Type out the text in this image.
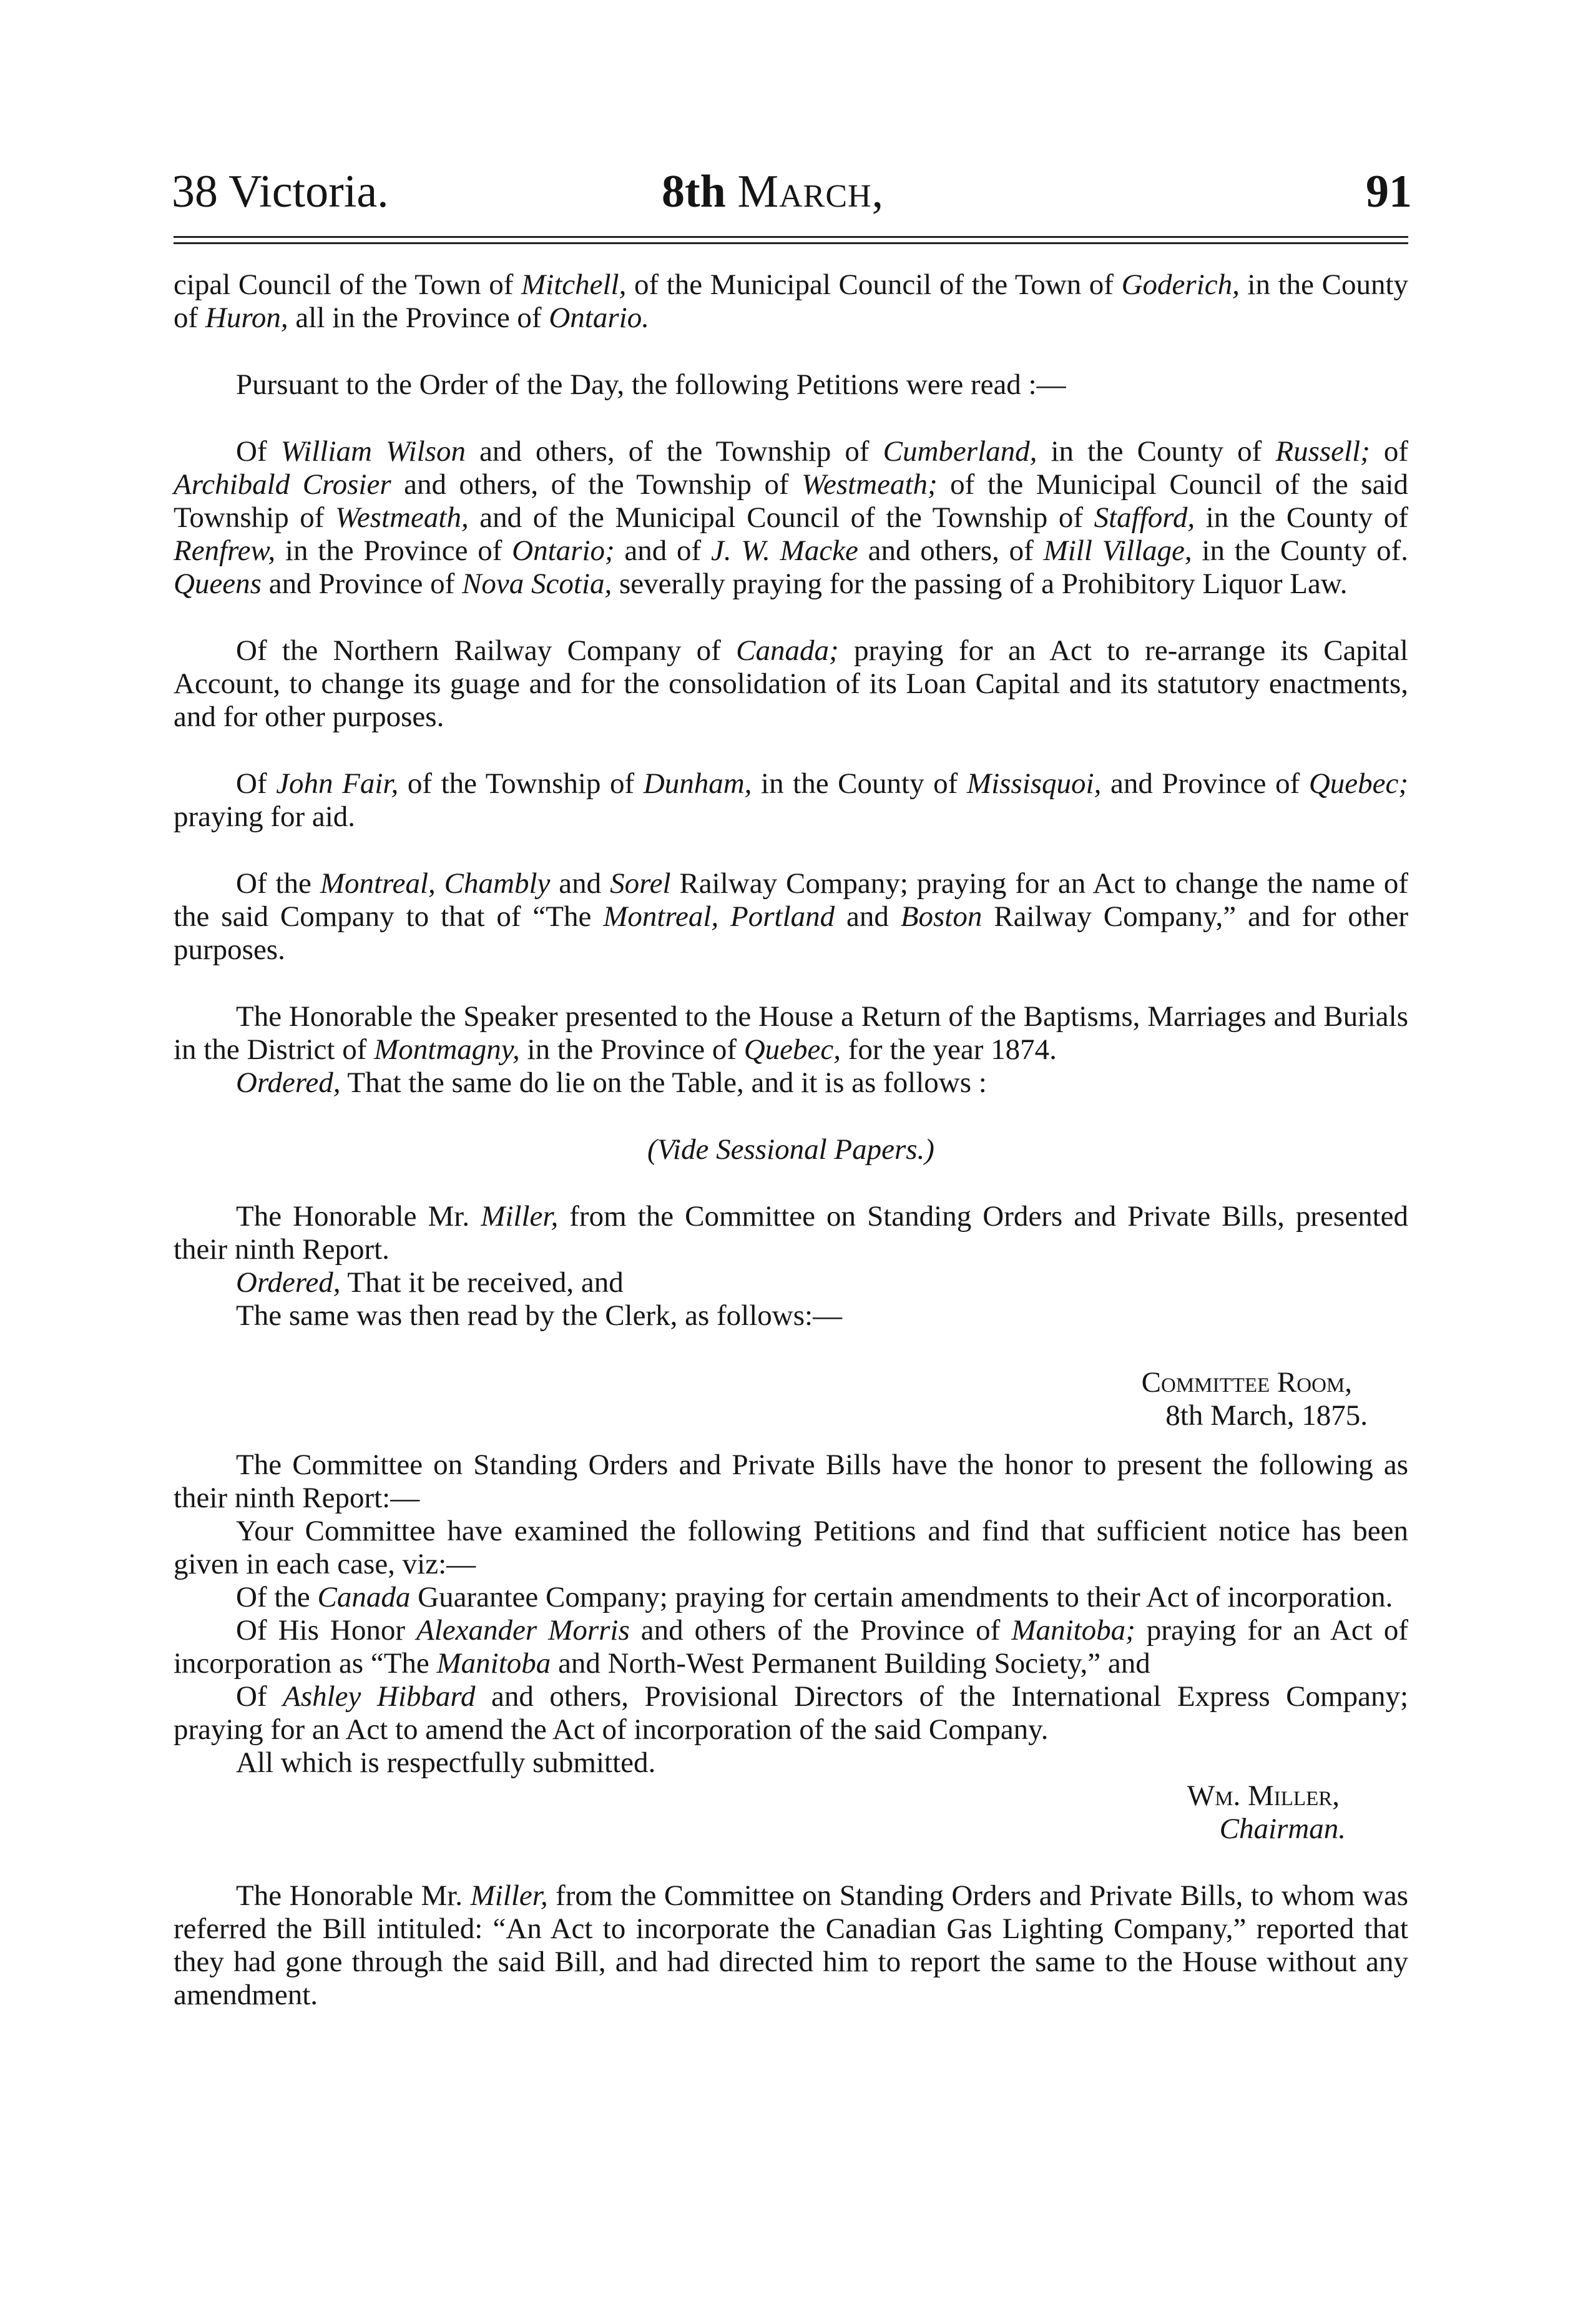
38 Victoria.	8th March,	91

cipal Council of the Town of Mitchell, of the Municipal Council of the Town of Goderich, in the County of Huron, all in the Province of Ontario.

Pursuant to the Order of the Day, the following Petitions were read :—

Of William Wilson and others, of the Township of Cumberland, in the County of Russell; of Archibald Crosier and others, of the Township of Westmeath; of the Municipal Council of the said Township of Westmeath, and of the Municipal Council of the Township of Stafford, in the County of Renfrew, in the Province of Ontario; and of J. W. Macke and others, of Mill Village, in the County of. Queens and Province of Nova Scotia, severally praying for the passing of a Prohibitory Liquor Law.

Of the Northern Railway Company of Canada; praying for an Act to re-arrange its Capital Account, to change its guage and for the consolidation of its Loan Capital and its statutory enactments, and for other purposes.

Of John Fair, of the Township of Dunham, in the County of Missisquoi, and Province of Quebec; praying for aid.

Of the Montreal, Chambly and Sorel Railway Company; praying for an Act to change the name of the said Company to that of “The Montreal, Portland and Boston Railway Company,” and for other purposes.

The Honorable the Speaker presented to the House a Return of the Baptisms, Marriages and Burials in the District of Montmagny, in the Province of Quebec, for the year 1874.

Ordered, That the same do lie on the Table, and it is as follows :

(Vide Sessional Papers.)

The Honorable Mr. Miller, from the Committee on Standing Orders and Private Bills, presented their ninth Report.

Ordered, That it be received, and

The same was then read by the Clerk, as follows:—

Committee Room,

8th March, 1875.

The Committee on Standing Orders and Private Bills have the honor to present the following as their ninth Report:—

Your Committee have examined the following Petitions and find that sufficient notice has been given in each case, viz:—

Of the Canada Guarantee Company; praying for certain amendments to their Act of incorporation.

Of His Honor Alexander Morris and others of the Province of Manitoba; praying for an Act of incorporation as “The Manitoba and North-West Permanent Building Society,” and

Of Ashley Hibbard and others, Provisional Directors of the International Express Company; praying for an Act to amend the Act of incorporation of the said Company.

All which is respectfully submitted.

Wm. Miller,

Chairman.

The Honorable Mr. Miller, from the Committee on Standing Orders and Private Bills, to whom was referred the Bill intituled: “An Act to incorporate the Canadian Gas Lighting Company,” reported that they had gone through the said Bill, and had directed him to report the same to the House without any amendment.
